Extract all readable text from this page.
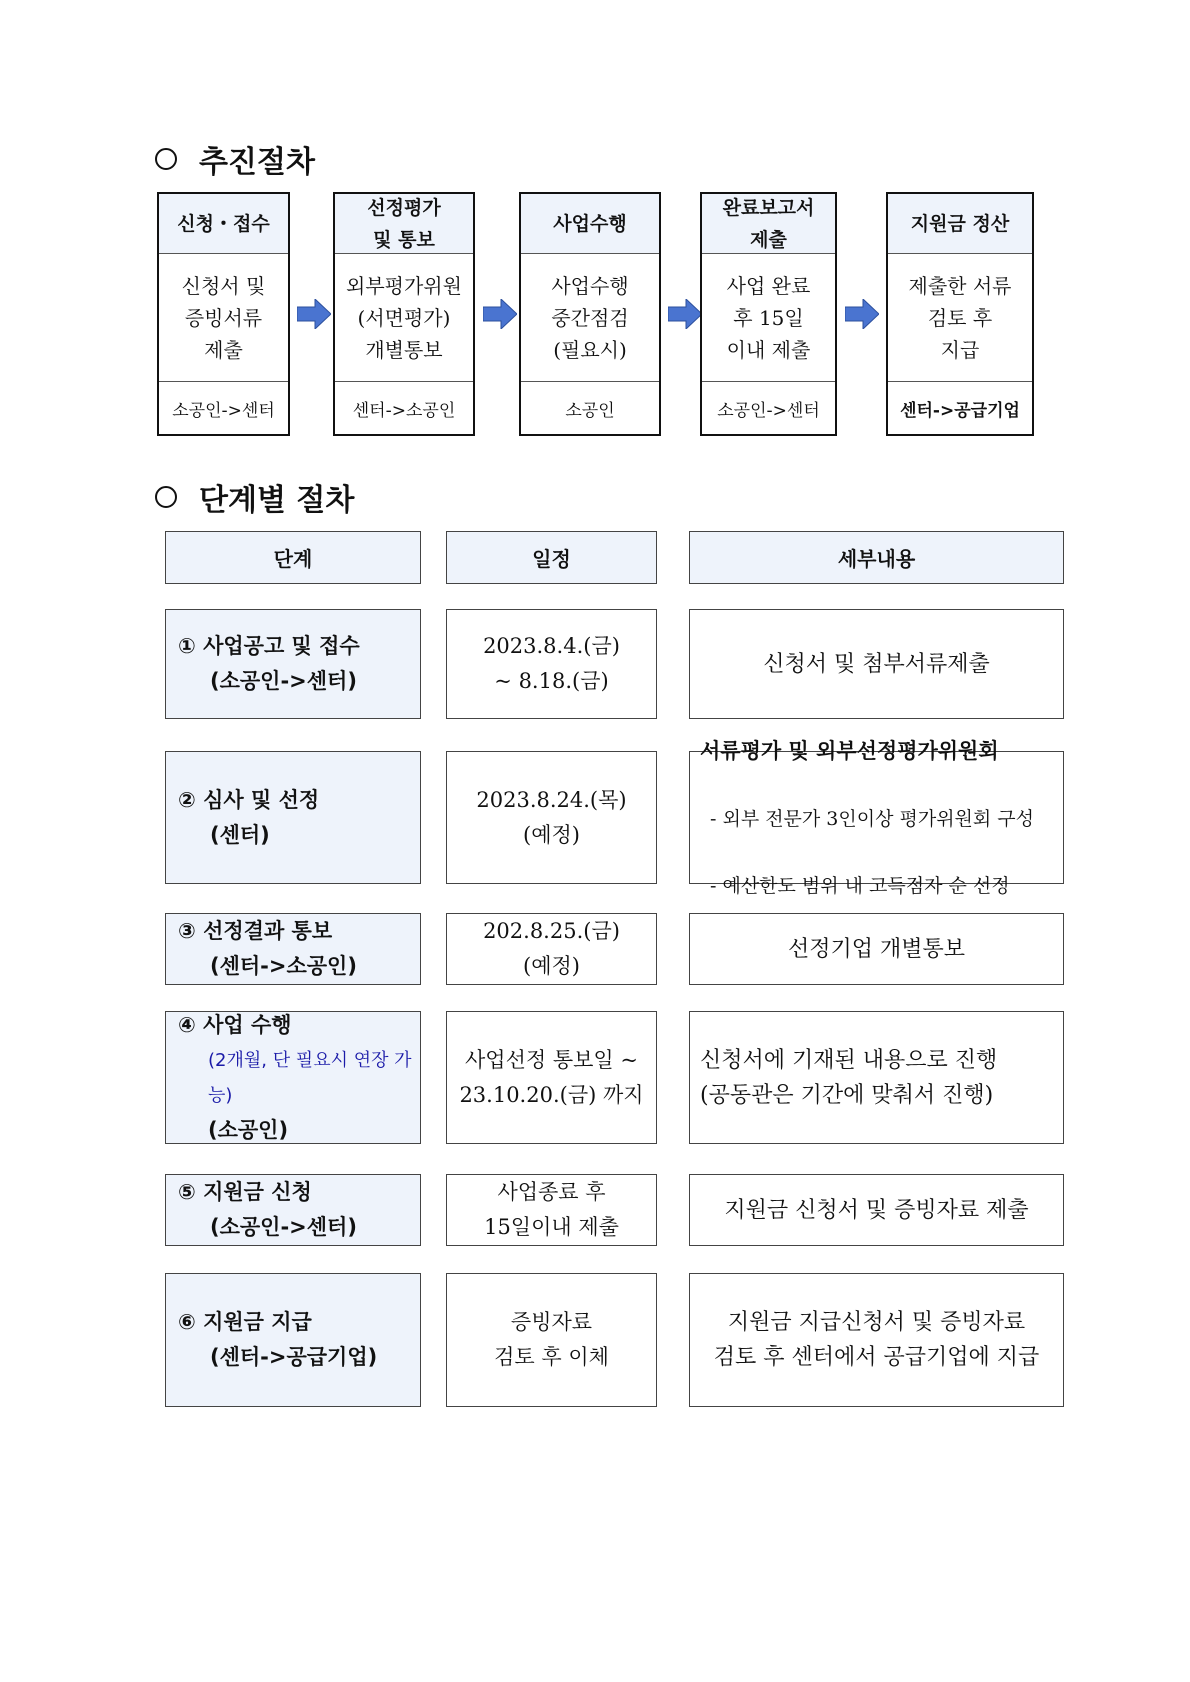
추진절차
신청・접수
신청서 및
증빙서류
제출
소공인->센터
선정평가
및 통보
외부평가위원
(서면평가)
개별통보
센터->소공인
사업수행
사업수행
중간점검
(필요시)
소공인
완료보고서
제출
사업 완료
후 15일
이내 제출
소공인->센터
지원금 정산
제출한 서류
검토 후
지급
센터->공급기업
단계별 절차
단계	일정	세부내용
① 사업공고 및 접수
(소공인->센터)
2023.8.4.(금)
~ 8.18.(금)
신청서 및 첨부서류제출
② 심사 및 선정
(센터)
2023.8.24.(목)
(예정)

서류평가 및 외부선정평가위원회

- 외부 전문가 3인이상 평가위원회 구성

- 예산한도 범위 내 고득점자 순 선정

③ 선정결과 통보
(센터->소공인)
202.8.25.(금)
(예정)
선정기업 개별통보
④ 사업 수행
(2개월, 단 필요시 연장 가능)
(소공인)
사업선정 통보일 ~
23.10.20.(금) 까지
신청서에 기재된 내용으로 진행
(공동관은 기간에 맞춰서 진행)
⑤ 지원금 신청
(소공인->센터)
사업종료 후
15일이내 제출
지원금 신청서 및 증빙자료 제출
⑥ 지원금 지급
(센터->공급기업)
증빙자료
검토 후 이체
지원금 지급신청서 및 증빙자료
검토 후 센터에서 공급기업에 지급
